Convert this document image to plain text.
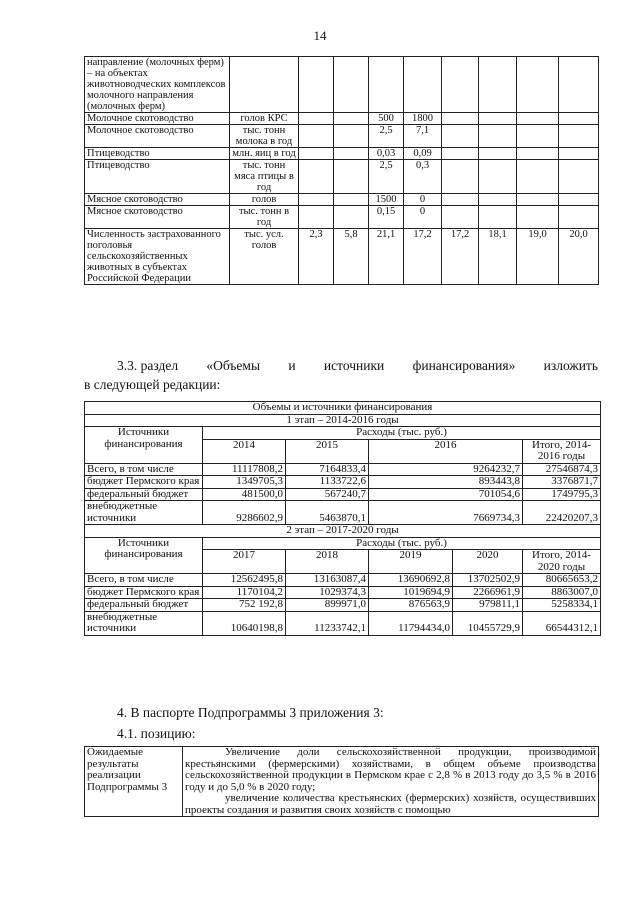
14
направление (молочных ферм) – на объектах животноводческих комплексов молочного направления (молочных ферм)									
Молочное скотоводство	голов КРС			500	1800				
Молочное скотоводство	тыс. тонн молока в год			2,5	7,1				
Птицеводство	млн. яиц в год			0,03	0,09				
Птицеводство	тыс. тонн мяса птицы в год			2,5	0,3				
Мясное скотоводство	голов			1500	0				
Мясное скотоводство	тыс. тонн в год			0,15	0				
Численность застрахованного поголовья сельскохозяйственных животных в субъектах Российской Федерации	тыс. усл. голов	2,3	5,8	21,1	17,2	17,2	18,1	19,0	20,0
3.3. раздел «Объемы и источники финансирования» изложить
в следующей редакции:
Объемы и источники финансирования					
1 этап – 2014-2016 годы					
Источники финансирования	Расходы (тыс. руб.)				
	2014	2015	2016		Итого, 2014-2016 годы
Всего, в том числе	11117808,2	7164833,4	9264232,7		27546874,3
бюджет Пермского края	1349705,3	1133722,6	893443,8		3376871,7
федеральный бюджет	481500,0	567240,7	701054,6		1749795,3
внебюджетные источники	9286602,9	5463870,1	7669734,3		22420207,3
2 этап – 2017-2020 годы					
Источники финансирования	Расходы (тыс. руб.)				
	2017	2018	2019	2020	Итого, 2014-2020 годы
Всего, в том числе	12562495,8	13163087,4	13690692,8	13702502,9	80665653,2
бюджет Пермского края	1170104,2	1029374,3	1019694,9	2266961,9	8863007,0
федеральный бюджет	752 192,8	899971,0	876563,9	979811,1	5258334,1
внебюджетные источники	10640198,8	11233742,1	11794434,0	10455729,9	66544312,1
4. В паспорте Подпрограммы 3 приложения 3:
4.1. позицию:
Ожидаемые результаты реализации Подпрограммы 3	
Увеличение доли сельскохозяйственной продукции, производимой крестьянскими (фермерскими) хозяйствами, в общем объеме производства сельскохозяйственной продукции в Пермском крае с 2,8 % в 2013 году до 3,5 % в 2016 году и до 5,0 % в 2020 году;
увеличение количества крестьянских (фермерских) хозяйств, осуществивших проекты создания и развития своих хозяйств с помощью
